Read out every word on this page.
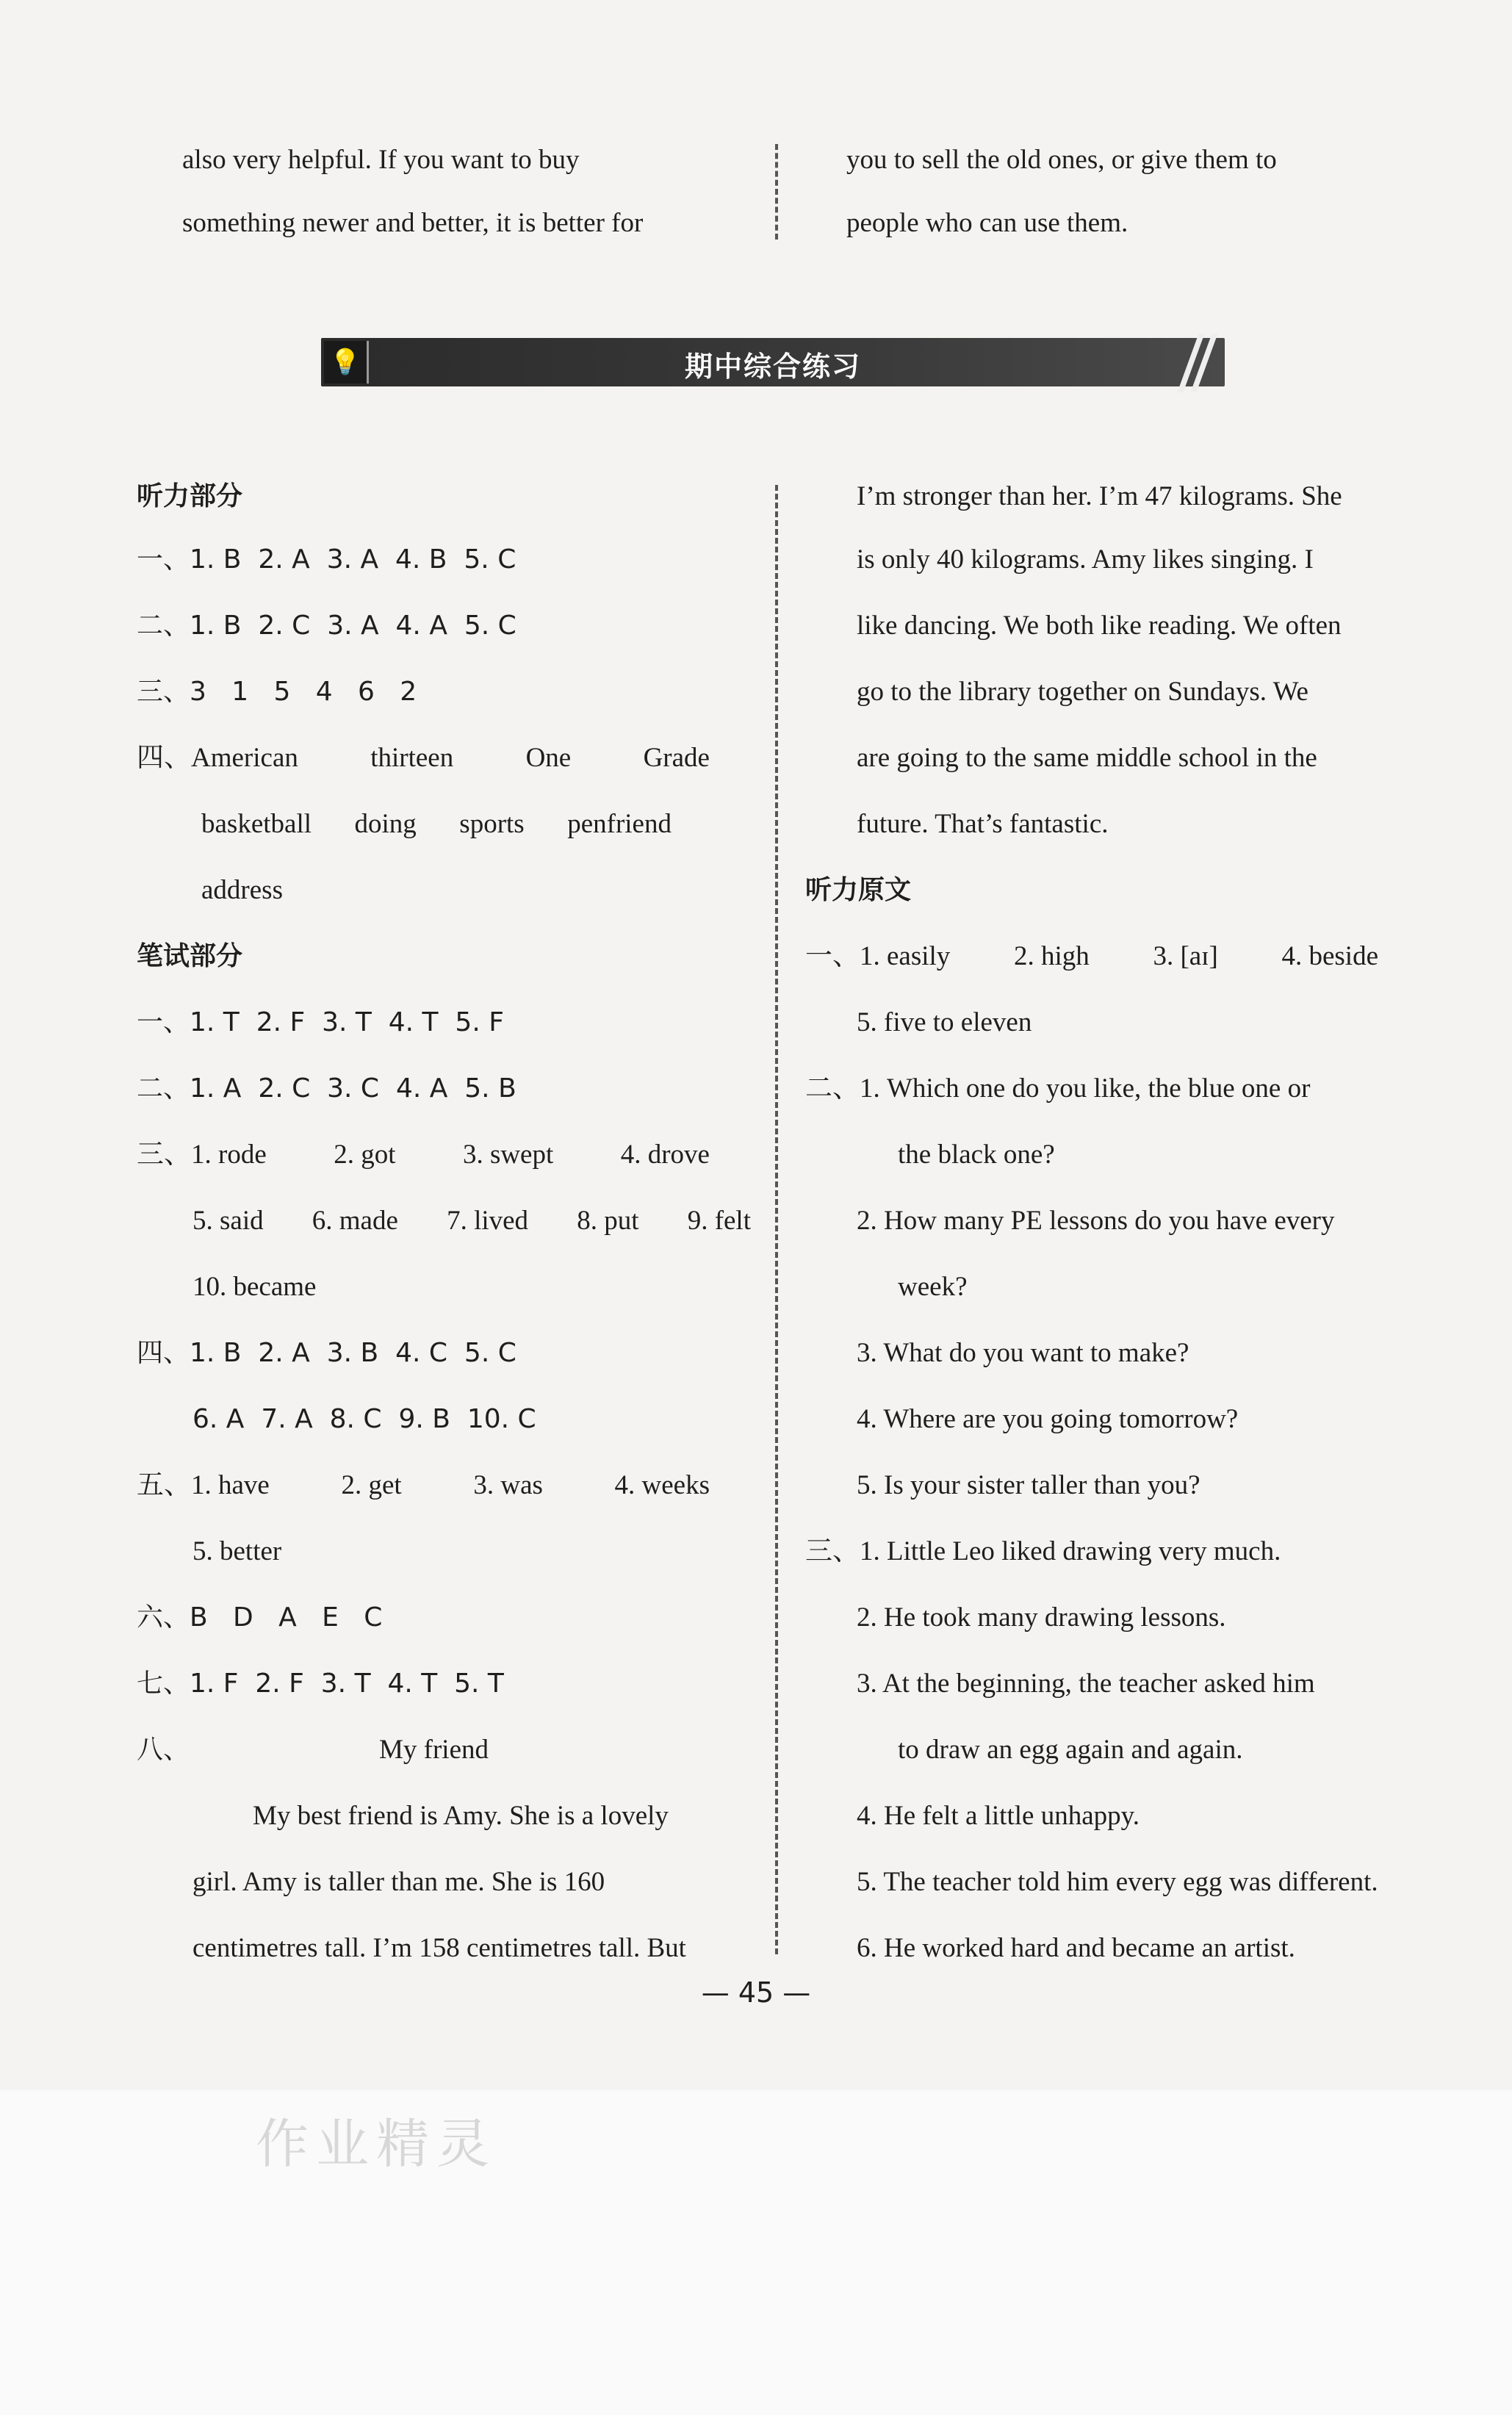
also very helpful. If you want to buy
something newer and better, it is better for
you to sell the old ones, or give them to
people who can use them.
💡	期中综合练习
听力部分
一、1. B 2. A 3. A 4. B 5. C
二、1. B 2. C 3. A 4. A 5. C
三、3 1 5 4 6 2
四、American	thirteen	One	Grade
basketball doing sports penfriend
address
笔试部分
一、1. T 2. F 3. T 4. T 5. F
二、1. A 2. C 3. C 4. A 5. B
三、1. rode 2. got 3. swept 4. drove
5. said 6. made 7. lived 8. put 9. felt
10. became
四、1. B 2. A 3. B 4. C 5. C
6. A 7. A 8. C 9. B 10. C
五、1. have	2. get	3. was	4. weeks
5. better
六、B D A E C
七、1. F 2. F 3. T 4. T 5. T
八、	My friend
My best friend is Amy. She is a lovely
girl. Amy is taller than me. She is 160
centimetres tall. I’m 158 centimetres tall. But
I’m stronger than her. I’m 47 kilograms. She
is only 40 kilograms. Amy likes singing. I
like dancing. We both like reading. We often
go to the library together on Sundays. We
are going to the same middle school in the
future. That’s fantastic.
听力原文
一、1. easily 2. high 3. [aɪ] 4. beside
5. five to eleven
二、1. Which one do you like, the blue one or
the black one?
2. How many PE lessons do you have every
week?
3. What do you want to make?
4. Where are you going tomorrow?
5. Is your sister taller than you?
三、1. Little Leo liked drawing very much.
2. He took many drawing lessons.
3. At the beginning, the teacher asked him
to draw an egg again and again.
4. He felt a little unhappy.
5. The teacher told him every egg was different.
6. He worked hard and became an artist.
— 45 —
作业精灵
